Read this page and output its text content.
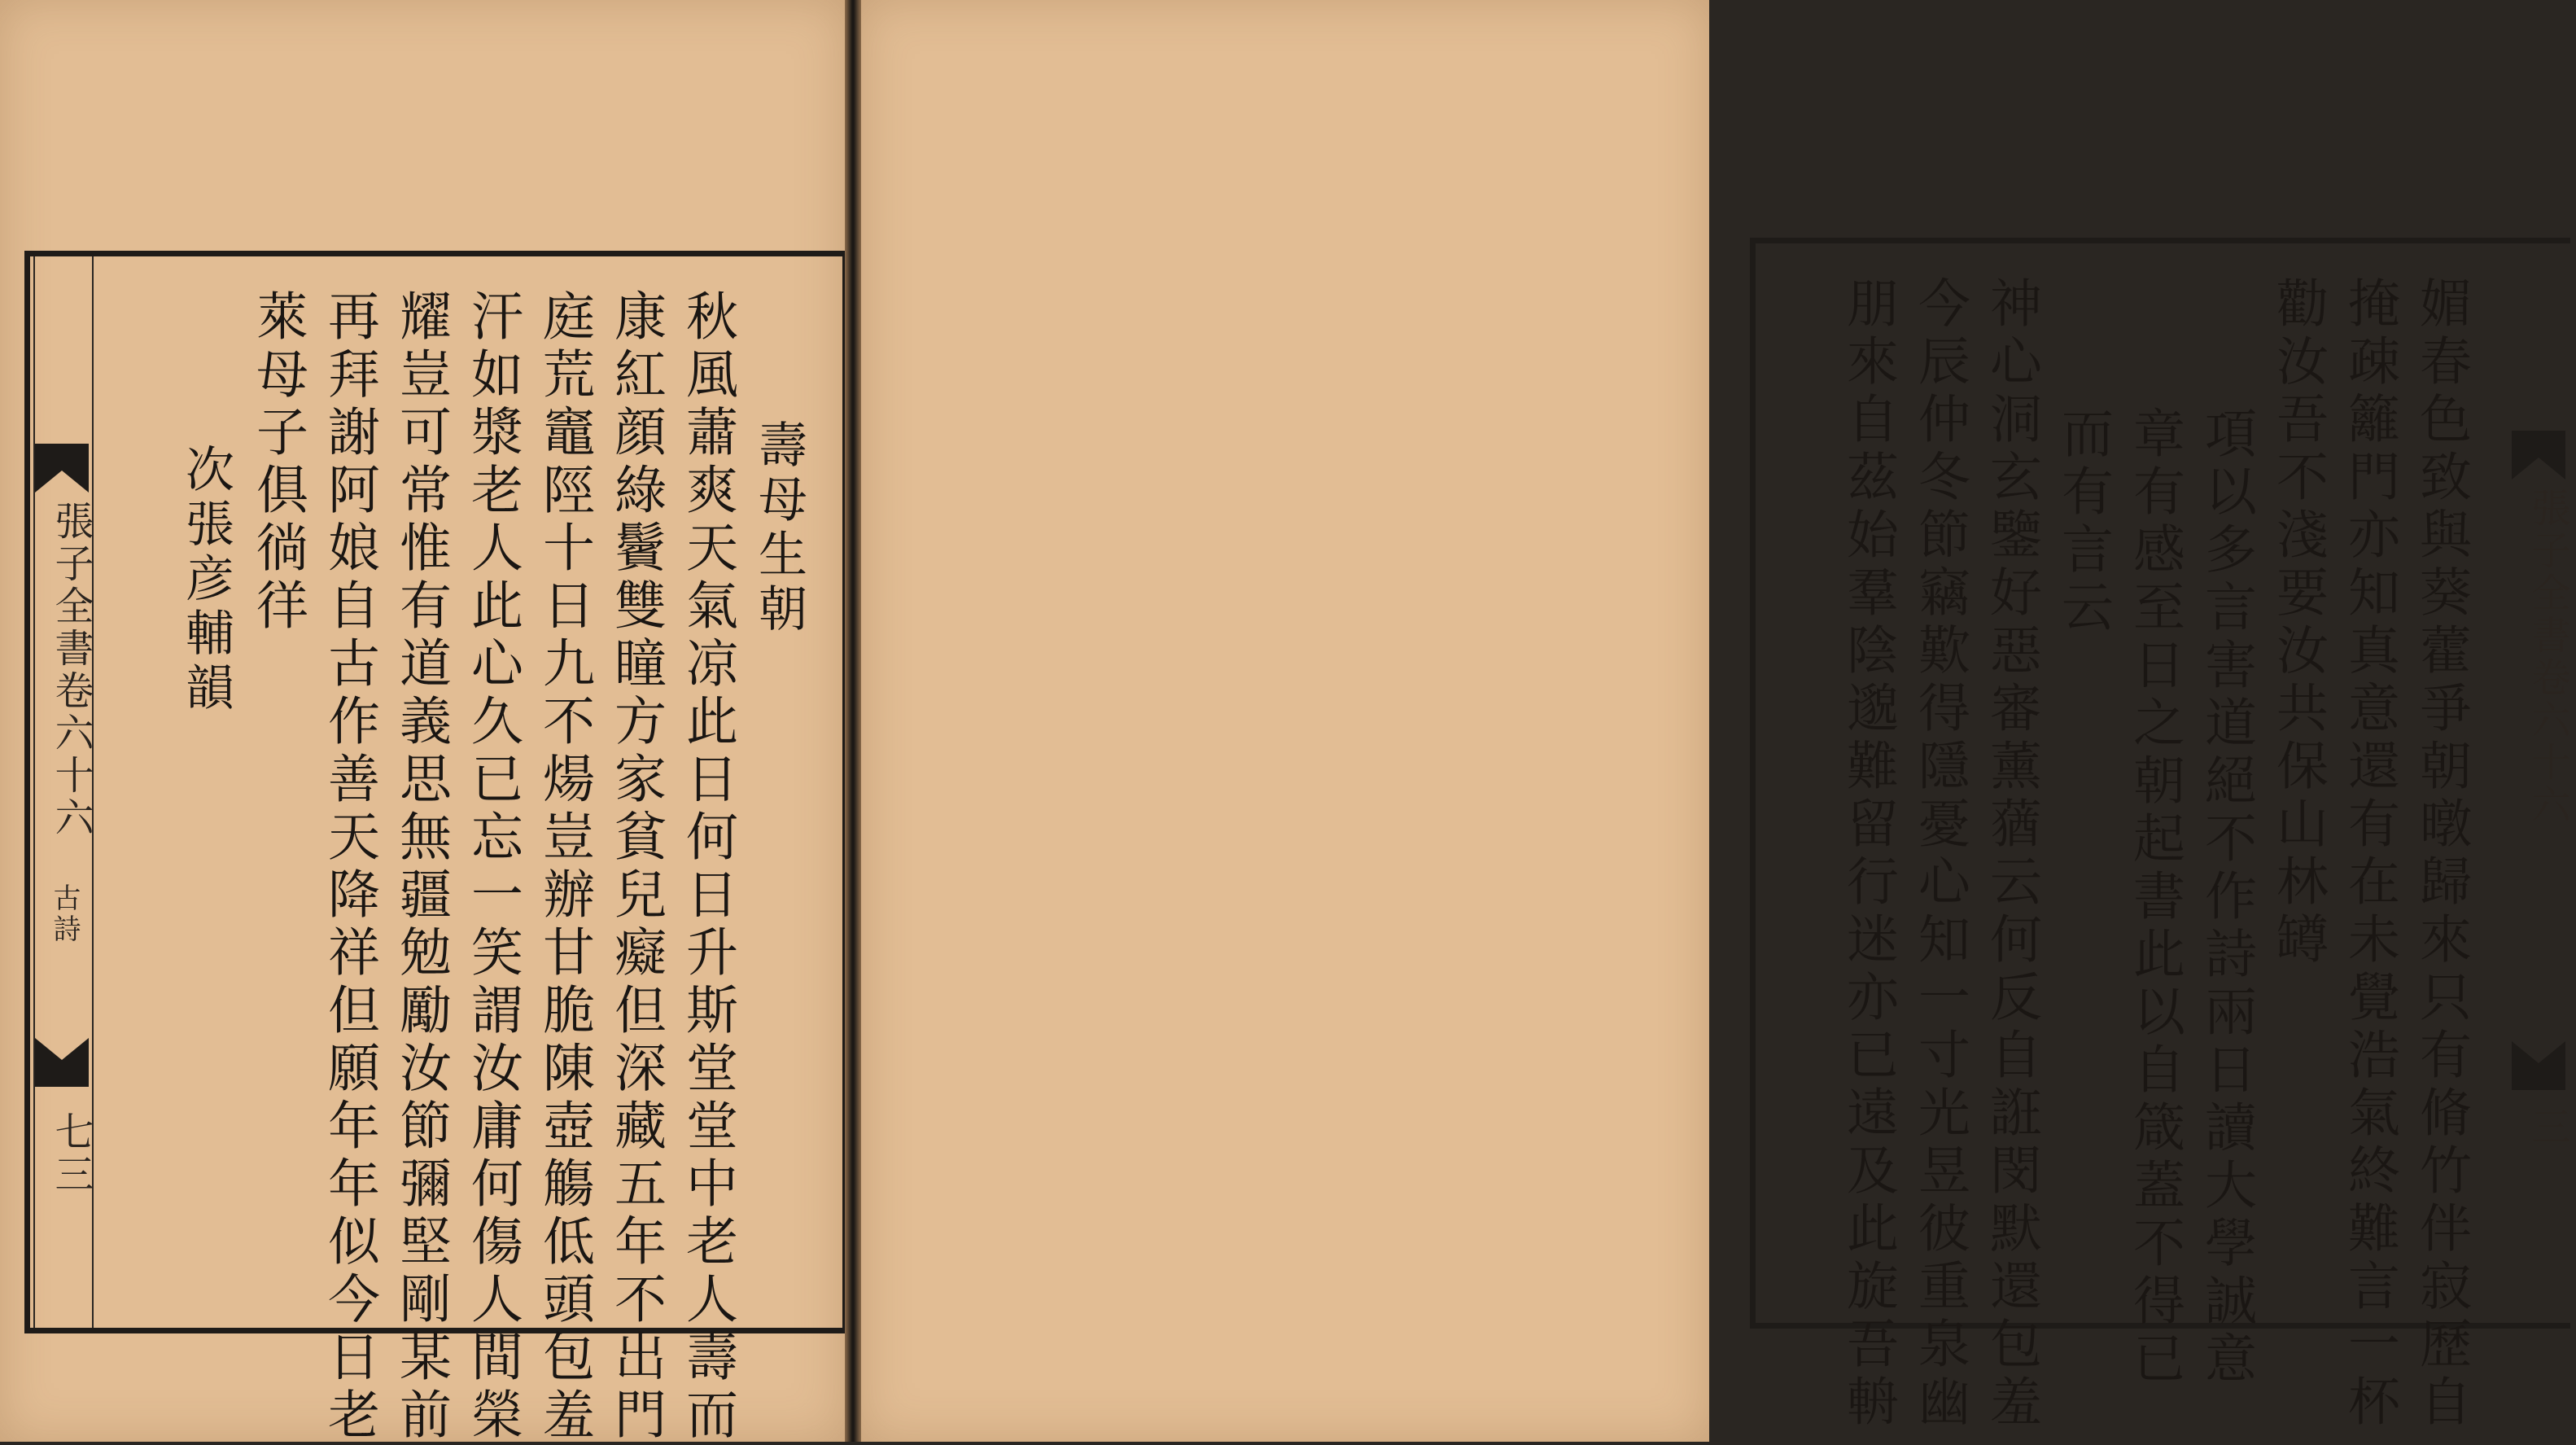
張子全書卷六十六
古詩
七三
壽母生朝
秋風蕭爽天氣凉此日何日升斯堂堂中老人壽而
康紅顔綠鬢雙瞳方家貧兒癡但深藏五年不出門
庭荒竈陘十日九不煬豈辦甘脆陳壺觴低頭包羞
汗如漿老人此心久已忘一笑謂汝庸何傷人間榮
耀豈可常惟有道義思無疆勉勵汝節彌堅剛某前
再拜謝阿娘自古作善天降祥但願年年似今日老
萊母子俱徜徉
次張彦輔韻	張子全書卷六十六
三
媚春色致與葵藿爭朝暾歸來只有脩竹伴寂歷自
掩疎籬門亦知真意還有在未覺浩氣終難言一杯
勸汝吾不淺要汝共保山林罇
項以多言害道絕不作詩兩日讀大學誠意
章有感至日之朝起書此以自箴蓋不得已
而有言云
神心洞玄鑒好惡審薰蕕云何反自誑閔默還包羞
今辰仲冬節竊歎得隱憂心知一寸光昱彼重泉幽
朋來自茲始羣陰邈難留行迷亦已遠及此旋吾輈
